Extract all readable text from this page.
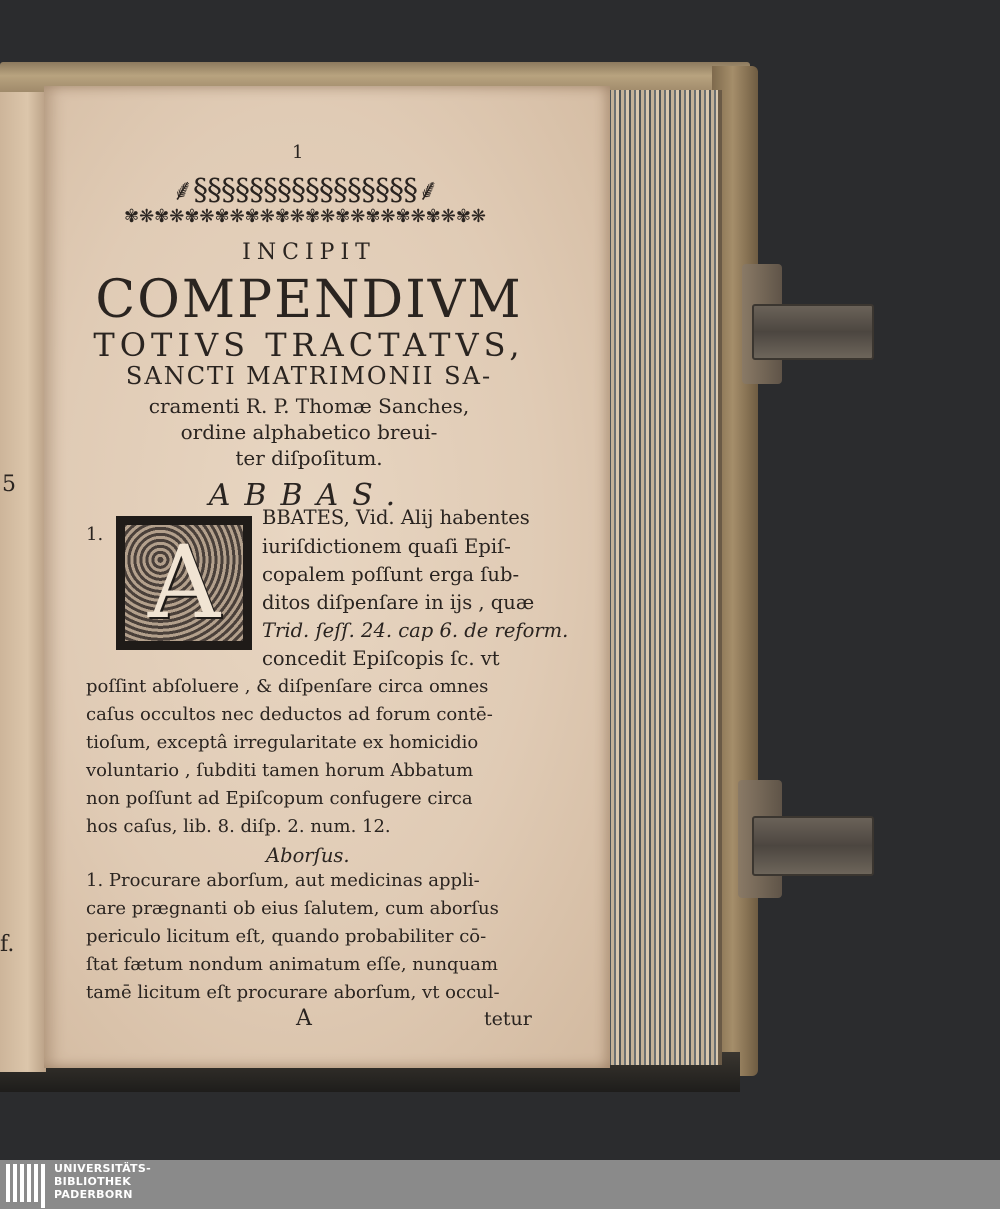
5
f.
1
⸙§§§§§§§§§§§§§§§§⸙
✾❋✾❋✾❋✾❋✾❋✾❋✾❋✾❋✾❋✾❋✾❋✾❋
INCIPIT
COMPENDIVM
TOTIVS TRACTATVS,
SANCTI MATRIMONII SA-
cramenti R. P. Thomæ Sanches,
ordine alphabetico breui-
ter diſpoſitum.
ABBAS.
1. A
BBATES, Vid. Alij habentes
iuriſdictionem quaſi Epiſ-
copalem poſſunt erga ſub-
ditos diſpenſare in ijs , quæ
Trid. ſeſſ. 24. cap 6. de reform.
concedit Epiſcopis ſc. vt
poſſint abſoluere , & diſpenſare circa omnes
caſus occultos nec deductos ad forum contē-
tioſum, exceptâ irregularitate ex homicidio
voluntario , ſubditi tamen horum Abbatum
non poſſunt ad Epiſcopum confugere circa
hos caſus, lib. 8. diſp. 2. num. 12.
Aborſus.
1. Procurare aborſum, aut medicinas appli-
care prægnanti ob eius ſalutem, cum aborſus
periculo licitum eſt, quando probabiliter cō-
ſtat fætum nondum animatum eſſe, nunquam
tamē licitum eſt procurare aborſum, vt occul-
A	tetur
UNIVERSITÄTS-
BIBLIOTHEK
PADERBORN
